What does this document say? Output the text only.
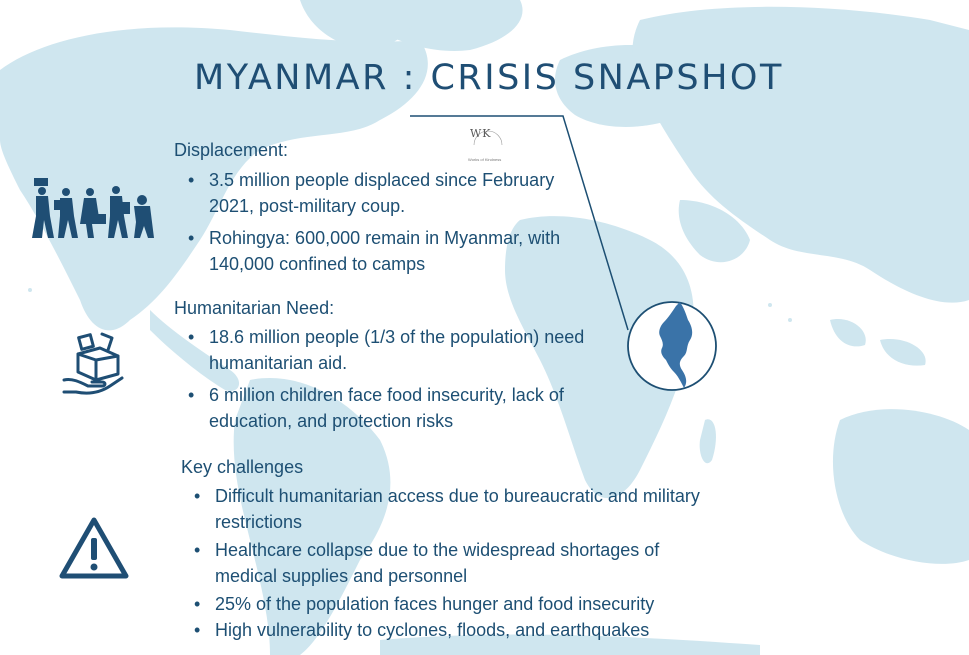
MYANMAR : CRISIS SNAPSHOT
WK
Works of Kindness
Displacement:
• 3.5 million people displaced since February 2021, post-military coup.
• Rohingya: 600,000 remain in Myanmar, with 140,000 confined to camps
Humanitarian Need:
• 18.6 million people (1/3 of the population) need humanitarian aid.
• 6 million children face food insecurity, lack of education, and protection risks
Key challenges
• Difficult humanitarian access due to bureaucratic and military restrictions
• Healthcare collapse due to the widespread shortages of medical supplies and personnel
• 25% of the population faces hunger and food insecurity
• High vulnerability to cyclones, floods, and earthquakes
